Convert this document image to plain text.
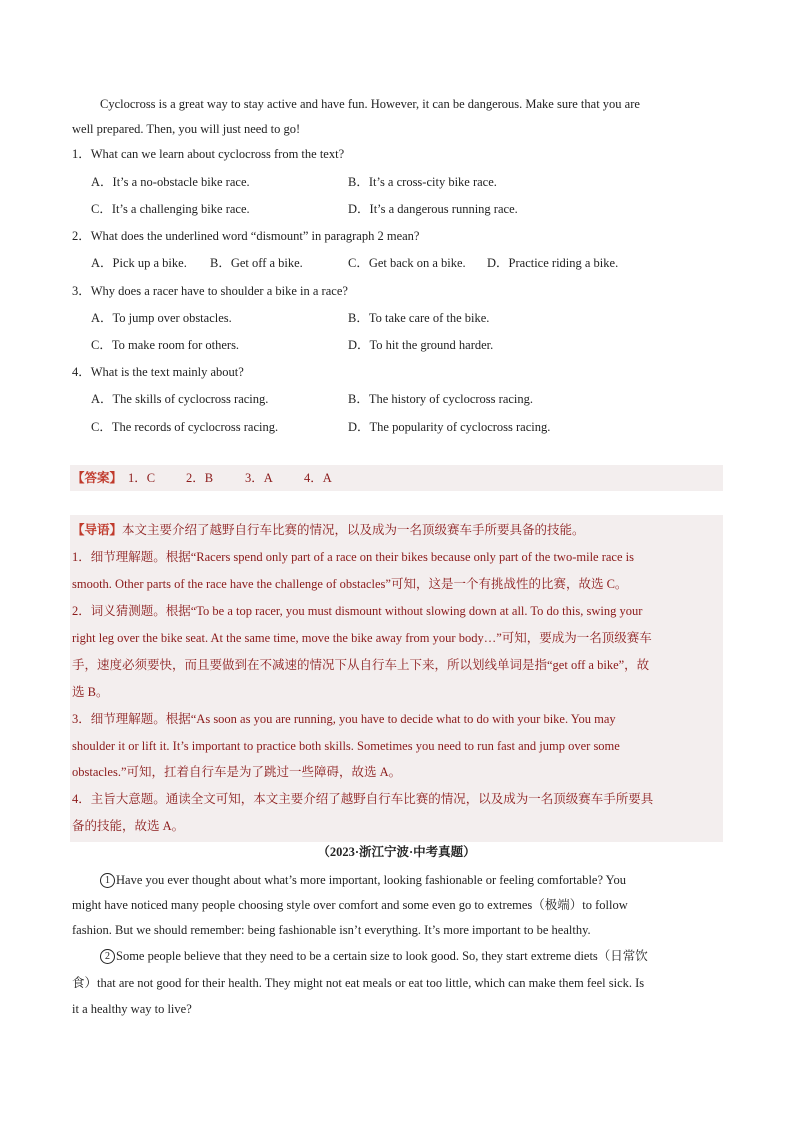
Cyclocross is a great way to stay active and have fun. However, it can be dangerous. Make sure that you are
well prepared. Then, you will just need to go!
1．What can we learn about cyclocross from the text?
A．It’s a no-obstacle bike race.	B．It’s a cross-city bike race.
C．It’s a challenging bike race.	D．It’s a dangerous running race.
2．What does the underlined word “dismount” in paragraph 2 mean?
A．Pick up a bike. B．Get off a bike.	C．Get back on a bike. D．Practice riding a bike.
3．Why does a racer have to shoulder a bike in a race?
A．To jump over obstacles.	B．To take care of the bike.
C．To make room for others.	D．To hit the ground harder.
4．What is the text mainly about?
A．The skills of cyclocross racing.	B．The history of cyclocross racing.
C．The records of cyclocross racing.	D．The popularity of cyclocross racing.
【答案】 1．C 2．B	3．A 4．A
【导语】本文主要介绍了越野自行车比赛的情况，以及成为一名顶级赛车手所要具备的技能。
1．细节理解题。根据“Racers spend only part of a race on their bikes because only part of the two-mile race is
smooth. Other parts of the race have the challenge of obstacles”可知，这是一个有挑战性的比赛，故选 C。
2．词义猜测题。根据“To be a top racer, you must dismount without slowing down at all. To do this, swing your
right leg over the bike seat. At the same time, move the bike away from your body…”可知，要成为一名顶级赛车
手，速度必须要快，而且要做到在不减速的情况下从自行车上下来，所以划线单词是指“get off a bike”，故
选 B。
3．细节理解题。根据“As soon as you are running, you have to decide what to do with your bike. You may
shoulder it or lift it. It’s important to practice both skills. Sometimes you need to run fast and jump over some
obstacles.”可知，扛着自行车是为了跳过一些障碍，故选 A。
4．主旨大意题。通读全文可知，本文主要介绍了越野自行车比赛的情况，以及成为一名顶级赛车手所要具
备的技能，故选 A。
（2023·浙江宁波·中考真题）
1 Have you ever thought about what’s more important, looking fashionable or feeling comfortable? You
might have noticed many people choosing style over comfort and some even go to extremes（极端）to follow
fashion. But we should remember: being fashionable isn’t everything. It’s more important to be healthy.
2 Some people believe that they need to be a certain size to look good. So, they start extreme diets（日常饮
食）that are not good for their health. They might not eat meals or eat too little, which can make them feel sick. Is
it a healthy way to live?
